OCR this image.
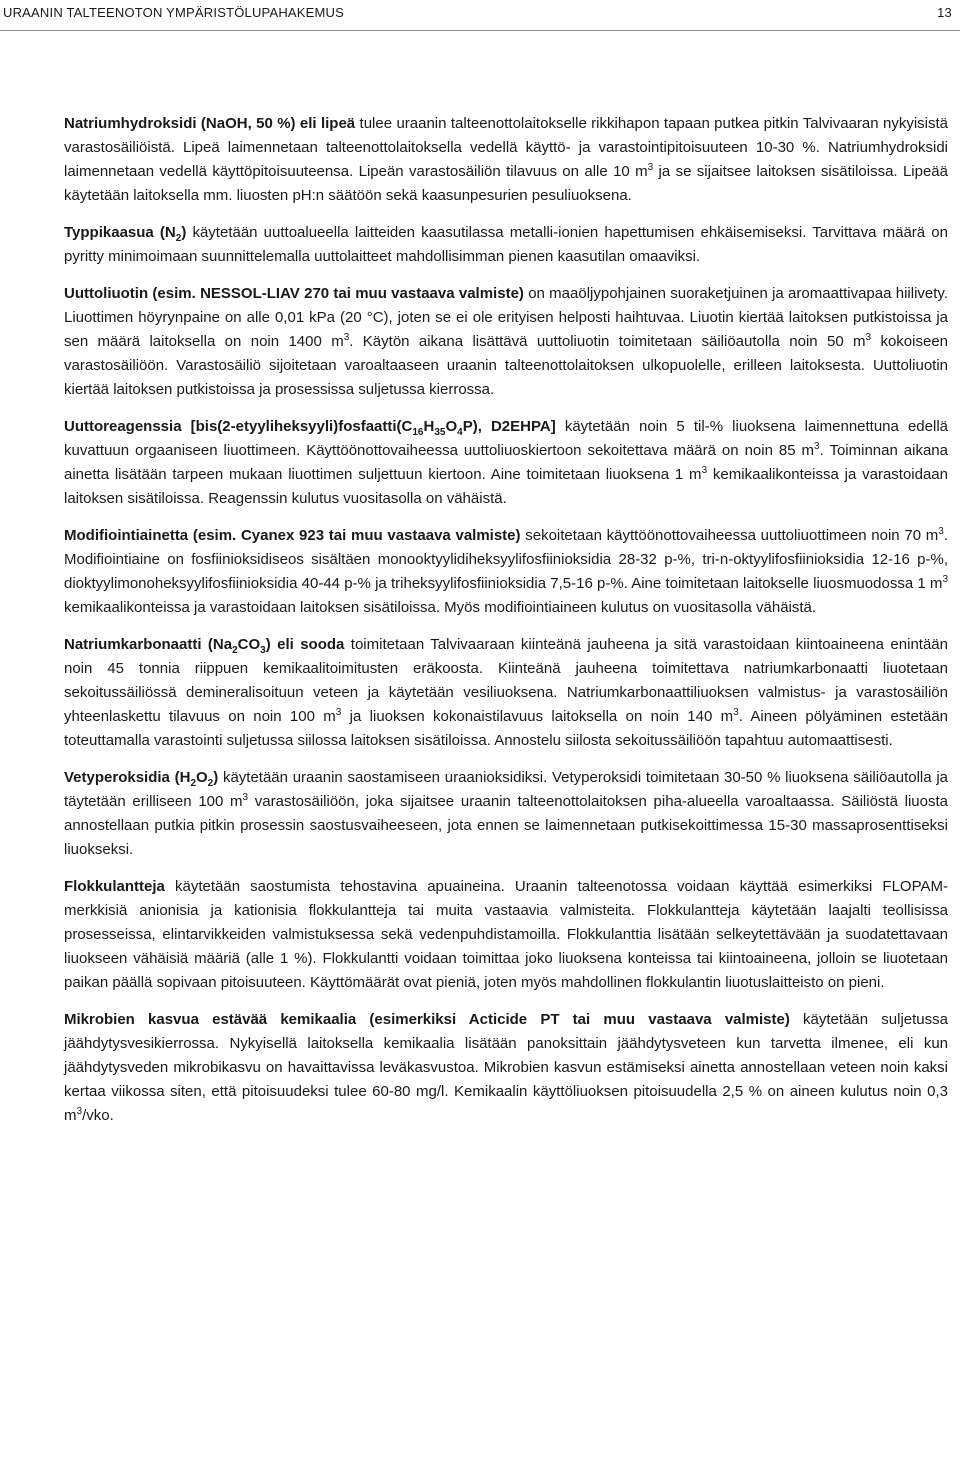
URAANIN TALTEENOTON YMPÄRISTÖLUPAHAKEMUS	13

Natriumhydroksidi (NaOH, 50 %) eli lipeä tulee uraanin talteenottolaitokselle rikkihapon tapaan putkea pitkin Talvivaaran nykyisistä varastosäiliöistä. Lipeä laimennetaan talteenottolaitoksella vedellä käyttö- ja varastointipitoisuuteen 10-30 %. Natriumhydroksidi laimennetaan vedellä käyttöpitoisuuteensa. Lipeän varastosäiliön tilavuus on alle 10 $m^3$ ja se sijaitsee laitoksen sisätiloissa. Lipeää käytetään laitoksella mm. liuosten pH:n säätöön sekä kaasunpesurien pesuliuoksena.

Typpikaasua $(N_2)$ käytetään uuttoalueella laitteiden kaasutilassa metalli-ionien hapettumisen ehkäisemiseksi. Tarvittava määrä on pyritty minimoimaan suunnittelemalla uuttolaitteet mahdollisimman pienen kaasutilan omaaviksi.

Uuttoliuotin (esim. NESSOL-LIAV 270 tai muu vastaava valmiste) on maaöljypohjainen suoraketjuinen ja aromaattivapaa hiilivety. Liuottimen höyrynpaine on alle 0,01 kPa (20 °C), joten se ei ole erityisen helposti haihtuvaa. Liuotin kiertää laitoksen putkistoissa ja sen määrä laitoksella on noin 1400 $m^3$. Käytön aikana lisättävä uuttoliuotin toimitetaan säiliöautolla noin 50 $m^3$ kokoiseen varastosäiliöön. Varastosäiliö sijoitetaan varoaltaaseen uraanin talteenottolaitoksen ulkopuolelle, erilleen laitoksesta. Uuttoliuotin kiertää laitoksen putkistoissa ja prosessissa suljetussa kierrossa.

Uuttoreagenssia [$bis(2-etyyliheksyyli)fosfaatti(C_{16}H_{35}O_4P)$, D2EHPA] käytetään noin 5 til-% liuoksena laimennettuna edellä kuvattuun orgaaniseen liuottimeen. Käyttöönottovaiheessa uuttoliuoskiertoon sekoitettava määrä on noin 85 $m^3$. Toiminnan aikana ainetta lisätään tarpeen mukaan liuottimen suljettuun kiertoon. Aine toimitetaan liuoksena 1 $m^3$ kemikaalikonteissa ja varastoidaan laitoksen sisätiloissa. Reagenssin kulutus vuositasolla on vähäistä.

Modifiointiainetta (esim. Cyanex 923 tai muu vastaava valmiste) sekoitetaan käyttöönottovaiheessa uuttoliuottimeen noin 70 $m^3$. Modifiointiaine on fosfiinioksidiseos sisältäen monooktyylidiheksyylifosfiinioksidia 28-32 p-%, tri-n-oktyylifosfiinioksidia 12-16 p-%, dioktyylimonoheksyylifosfiinioksidia 40-44 p-% ja triheksyylifosfiinioksidia 7,5-16 p-%. Aine toimitetaan laitokselle liuosmuodossa 1 $m^3$ kemikaalikonteissa ja varastoidaan laitoksen sisätiloissa. Myös modifiointiaineen kulutus on vuositasolla vähäistä.

Natriumkarbonaatti $(Na_2CO_3)$ eli sooda toimitetaan Talvivaaraan kiinteänä jauheena ja sitä varastoidaan kiintoaineena enintään noin 45 tonnia riippuen kemikaalitoimitusten eräkoosta. Kiinteänä jauheena toimitettava natriumkarbonaatti liuotetaan sekoitussäiliössä demineralisoituun veteen ja käytetään vesiliuoksena. Natriumkarbonaattiliuoksen valmistus- ja varastosäiliön yhteenlaskettu tilavuus on noin 100 $m^3$ ja liuoksen kokonaistilavuus laitoksella on noin 140 $m^3$. Aineen pölyäminen estetään toteuttamalla varastointi suljetussa siilossa laitoksen sisätiloissa. Annostelu siilosta sekoitussäiliöön tapahtuu automaattisesti.

Vetyperoksidia $(H_2O_2)$ käytetään uraanin saostamiseen uraanioksidiksi. Vetyperoksidi toimitetaan 30-50 % liuoksena säiliöautolla ja täytetään erilliseen 100 $m^3$ varastosäiliöön, joka sijaitsee uraanin talteenottolaitoksen piha-alueella varoaltaassa. Säiliöstä liuosta annostellaan putkia pitkin prosessin saostusvaiheeseen, jota ennen se laimennetaan putkisekoittimessa 15-30 massaprosenttiseksi liuokseksi.

Flokkulantteja käytetään saostumista tehostavina apuaineina. Uraanin talteenotossa voidaan käyttää esimerkiksi FLOPAM-merkkisiä anionisia ja kationisia flokkulantteja tai muita vastaavia valmisteita. Flokkulantteja käytetään laajalti teollisissa prosesseissa, elintarvikkeiden valmistuksessa sekä vedenpuhdistamoilla. Flokkulanttia lisätään selkeytettävään ja suodatettavaan liuokseen vähäisiä määriä (alle 1 %). Flokkulantti voidaan toimittaa joko liuoksena konteissa tai kiintoaineena, jolloin se liuotetaan paikan päällä sopivaan pitoisuuteen. Käyttömäärät ovat pieniä, joten myös mahdollinen flokkulantin liuotuslaitteisto on pieni.

Mikrobien kasvua estävää kemikaalia (esimerkiksi Acticide PT tai muu vastaava valmiste) käytetään suljetussa jäähdytysvesikierrossa. Nykyisellä laitoksella kemikaalia lisätään panoksittain jäähdytysveteen kun tarvetta ilmenee, eli kun jäähdytysveden mikrobikasvu on havaittavissa leväkasvustoa. Mikrobien kasvun estämiseksi ainetta annostellaan veteen noin kaksi kertaa viikossa siten, että pitoisuudeksi tulee 60-80 mg/l. Kemikaalin käyttöliuoksen pitoisuudella 2,5 % on aineen kulutus noin 0,3 $m^3$/vko.
